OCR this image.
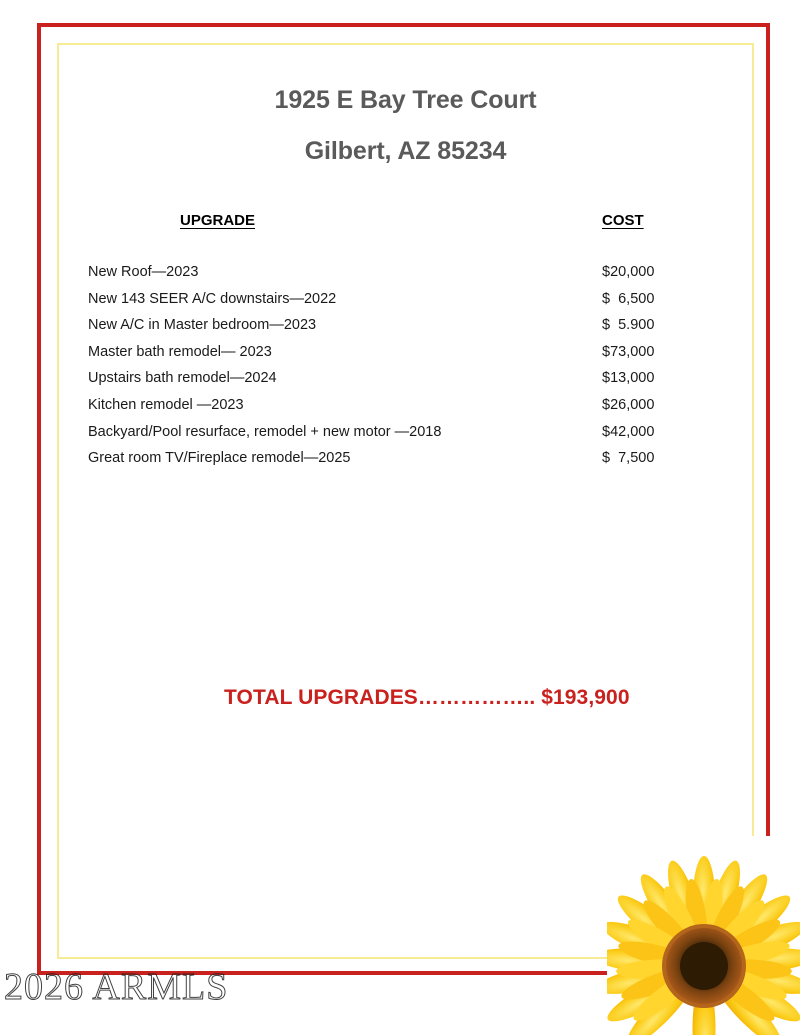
1925 E Bay Tree Court
Gilbert, AZ 85234
UPGRADE	COST
New Roof—2023	$20,000
New 143 SEER A/C downstairs—2022	$  6,500
New A/C in Master bedroom—2023	$  5.900
Master bath remodel— 2023	$73,000
Upstairs bath remodel—2024	$13,000
Kitchen remodel —2023	$26,000
Backyard/Pool resurface, remodel + new motor —2018	$42,000
Great room TV/Fireplace remodel—2025	$  7,500
TOTAL UPGRADES…………….. $193,900
2026 ARMLS
